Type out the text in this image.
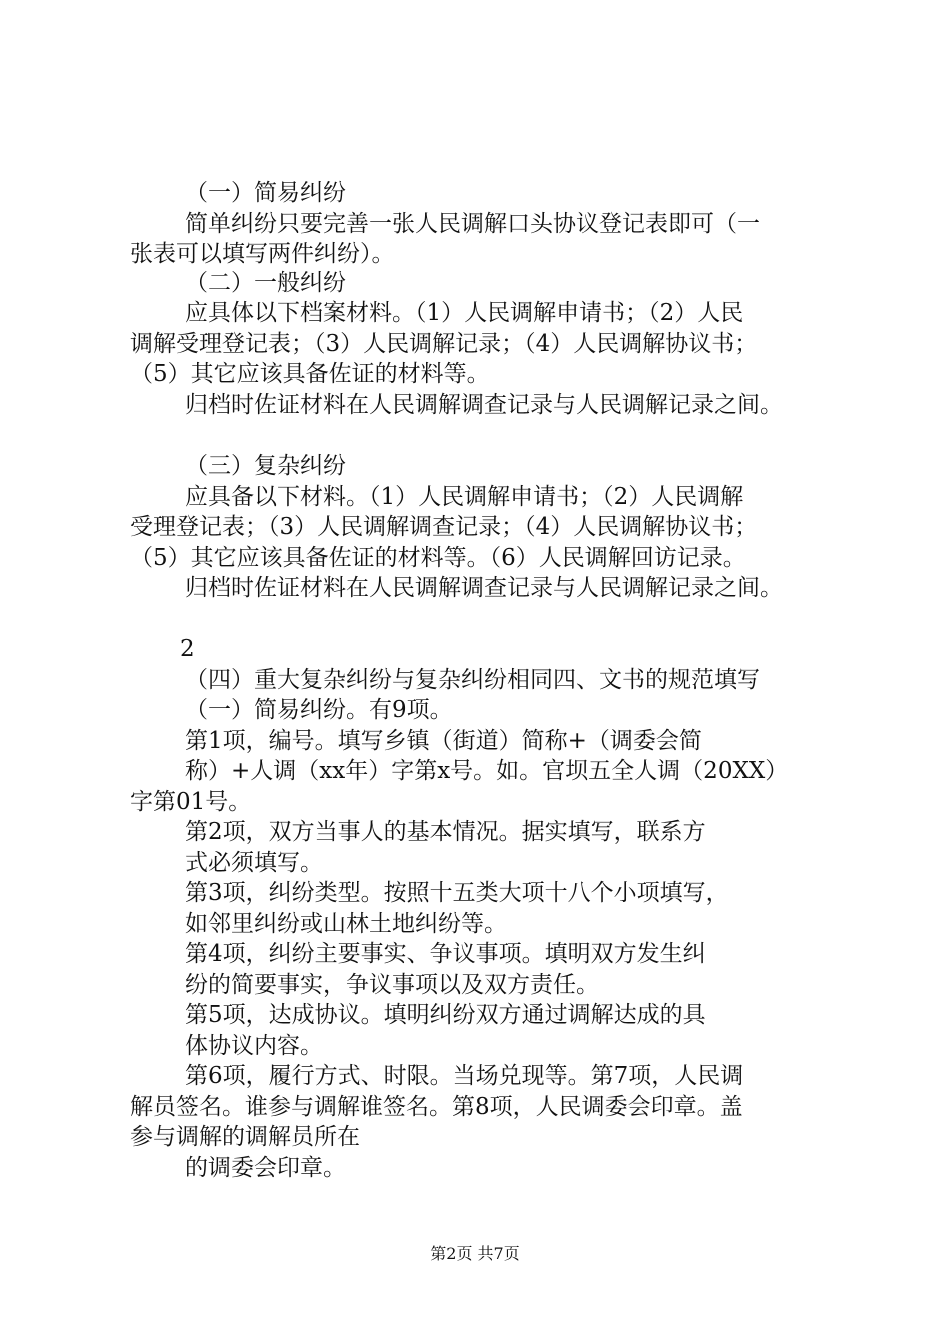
（一）简易纠纷
简单纠纷只要完善一张人民调解口头协议登记表即可（一
张表可以填写两件纠纷）。
（二）一般纠纷
应具体以下档案材料。（1）人民调解申请书；（2）人民
调解受理登记表；（3）人民调解记录；（4）人民调解协议书；
（5）其它应该具备佐证的材料等。
归档时佐证材料在人民调解调查记录与人民调解记录之间。
（三）复杂纠纷
应具备以下材料。（1）人民调解申请书；（2）人民调解
受理登记表；（3）人民调解调查记录；（4）人民调解协议书；
（5）其它应该具备佐证的材料等。（6）人民调解回访记录。
归档时佐证材料在人民调解调查记录与人民调解记录之间。
2
（四）重大复杂纠纷与复杂纠纷相同四、文书的规范填写
（一）简易纠纷。有9项。
第1项，编号。填写乡镇（街道）简称+（调委会简
称）+人调（xx年）字第x号。如。官坝五全人调（20XX）
字第01号。
第2项，双方当事人的基本情况。据实填写，联系方
式必须填写。
第3项，纠纷类型。按照十五类大项十八个小项填写，
如邻里纠纷或山林土地纠纷等。
第4项，纠纷主要事实、争议事项。填明双方发生纠
纷的简要事实，争议事项以及双方责任。
第5项，达成协议。填明纠纷双方通过调解达成的具
体协议内容。
第6项，履行方式、时限。当场兑现等。第7项，人民调
解员签名。谁参与调解谁签名。第8项，人民调委会印章。盖
参与调解的调解员所在
的调委会印章。
第2页 共7页
